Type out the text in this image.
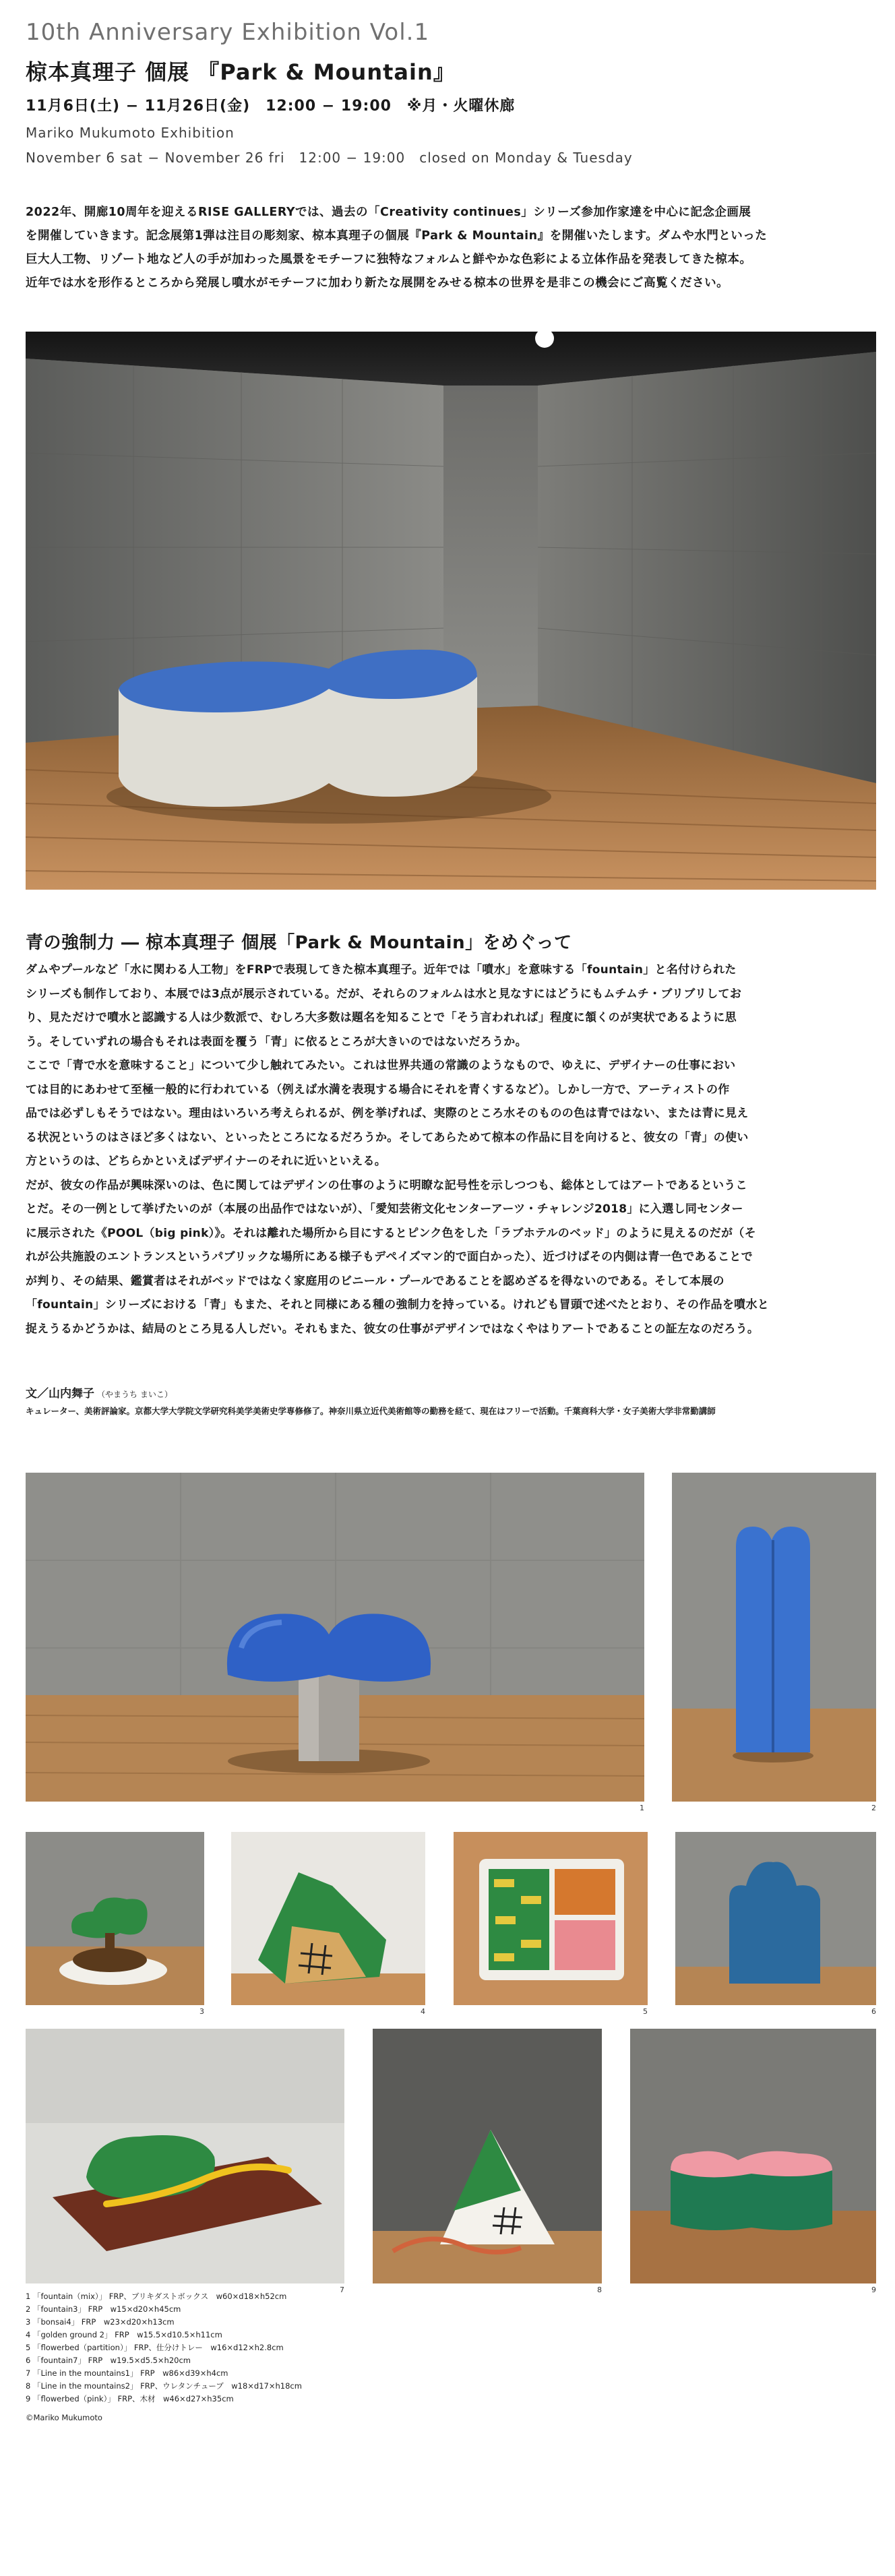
10th Anniversary Exhibition Vol.1
椋本真理子 個展 『Park & Mountain』
11月6日(土) − 11月26日(金)　12:00 − 19:00　※月・火曜休廊
Mariko Mukumoto Exhibition
November 6 sat − November 26 fri　12:00 − 19:00　closed on Monday & Tuesday

2022年、開廊10周年を迎えるRISE GALLERYでは、過去の「Creativity continues」シリーズ参加作家達を中心に記念企画展

を開催していきます。記念展第1弾は注目の彫刻家、椋本真理子の個展『Park & Mountain』を開催いたします。ダムや水門といった

巨大人工物、リゾート地など人の手が加わった風景をモチーフに独特なフォルムと鮮やかな色彩による立体作品を発表してきた椋本。

近年では水を形作るところから発展し噴水がモチーフに加わり新たな展開をみせる椋本の世界を是非この機会にご高覧ください。

青の強制力 ― 椋本真理子 個展「Park & Mountain」をめぐって

ダムやプールなど「水に関わる人工物」をFRPで表現してきた椋本真理子。近年では「噴水」を意味する「fountain」と名付けられた

シリーズも制作しており、本展では3点が展示されている。だが、それらのフォルムは水と見なすにはどうにもムチムチ・ブリブリしてお

り、見ただけで噴水と認識する人は少数派で、むしろ大多数は題名を知ることで「そう言われれば」程度に頷くのが実状であるように思

う。そしていずれの場合もそれは表面を覆う「青」に依るところが大きいのではないだろうか。

ここで「青で水を意味すること」について少し触れてみたい。これは世界共通の常識のようなもので、ゆえに、デザイナーの仕事におい

ては目的にあわせて至極一般的に行われている（例えば水満を表現する場合にそれを青くするなど）。しかし一方で、アーティストの作

品では必ずしもそうではない。理由はいろいろ考えられるが、例を挙げれば、実際のところ水そのものの色は青ではない、または青に見え

る状況というのはさほど多くはない、といったところになるだろうか。そしてあらためて椋本の作品に目を向けると、彼女の「青」の使い

方というのは、どちらかといえばデザイナーのそれに近いといえる。

だが、彼女の作品が興味深いのは、色に関してはデザインの仕事のように明瞭な記号性を示しつつも、総体としてはアートであるというこ

とだ。その一例として挙げたいのが（本展の出品作ではないが）、「愛知芸術文化センターアーツ・チャレンジ2018」に入選し同センター

に展示された《POOL（big pink）》。それは離れた場所から目にするとピンク色をした「ラブホテルのベッド」のように見えるのだが（そ

れが公共施設のエントランスというパブリックな場所にある様子もデペイズマン的で面白かった）、近づけばその内側は青一色であることで

が判り、その結果、鑑賞者はそれがベッドではなく家庭用のビニール・プールであることを認めざるを得ないのである。そして本展の

「fountain」シリーズにおける「青」もまた、それと同様にある種の強制力を持っている。けれども冒頭で述べたとおり、その作品を噴水と

捉えうるかどうかは、結局のところ見る人しだい。それもまた、彼女の仕事がデザインではなくやはりアートであることの証左なのだろう。

文／山内舞子 （やまうち まいこ）
キュレーター、美術評論家。京都大学大学院文学研究科美学美術史学専修修了。神奈川県立近代美術館等の勤務を経て、現在はフリーで活動。千葉商科大学・女子美術大学非常勤講師
1	2
3	4	5	6
7	8	9
1 「fountain（mix）」 FRP、ブリキダストボックス　w60×d18×h52cm
2 「fountain3」 FRP　w15×d20×h45cm
3 「bonsai4」 FRP　w23×d20×h13cm
4 「golden ground 2」 FRP　w15.5×d10.5×h11cm
5 「flowerbed（partition）」 FRP、仕分けトレー　w16×d12×h2.8cm
6 「fountain7」 FRP　w19.5×d5.5×h20cm
7 「Line in the mountains1」 FRP　w86×d39×h4cm
8 「Line in the mountains2」 FRP、ウレタンチューブ　w18×d17×h18cm
9 「flowerbed（pink）」 FRP、木材　w46×d27×h35cm
©Mariko Mukumoto
